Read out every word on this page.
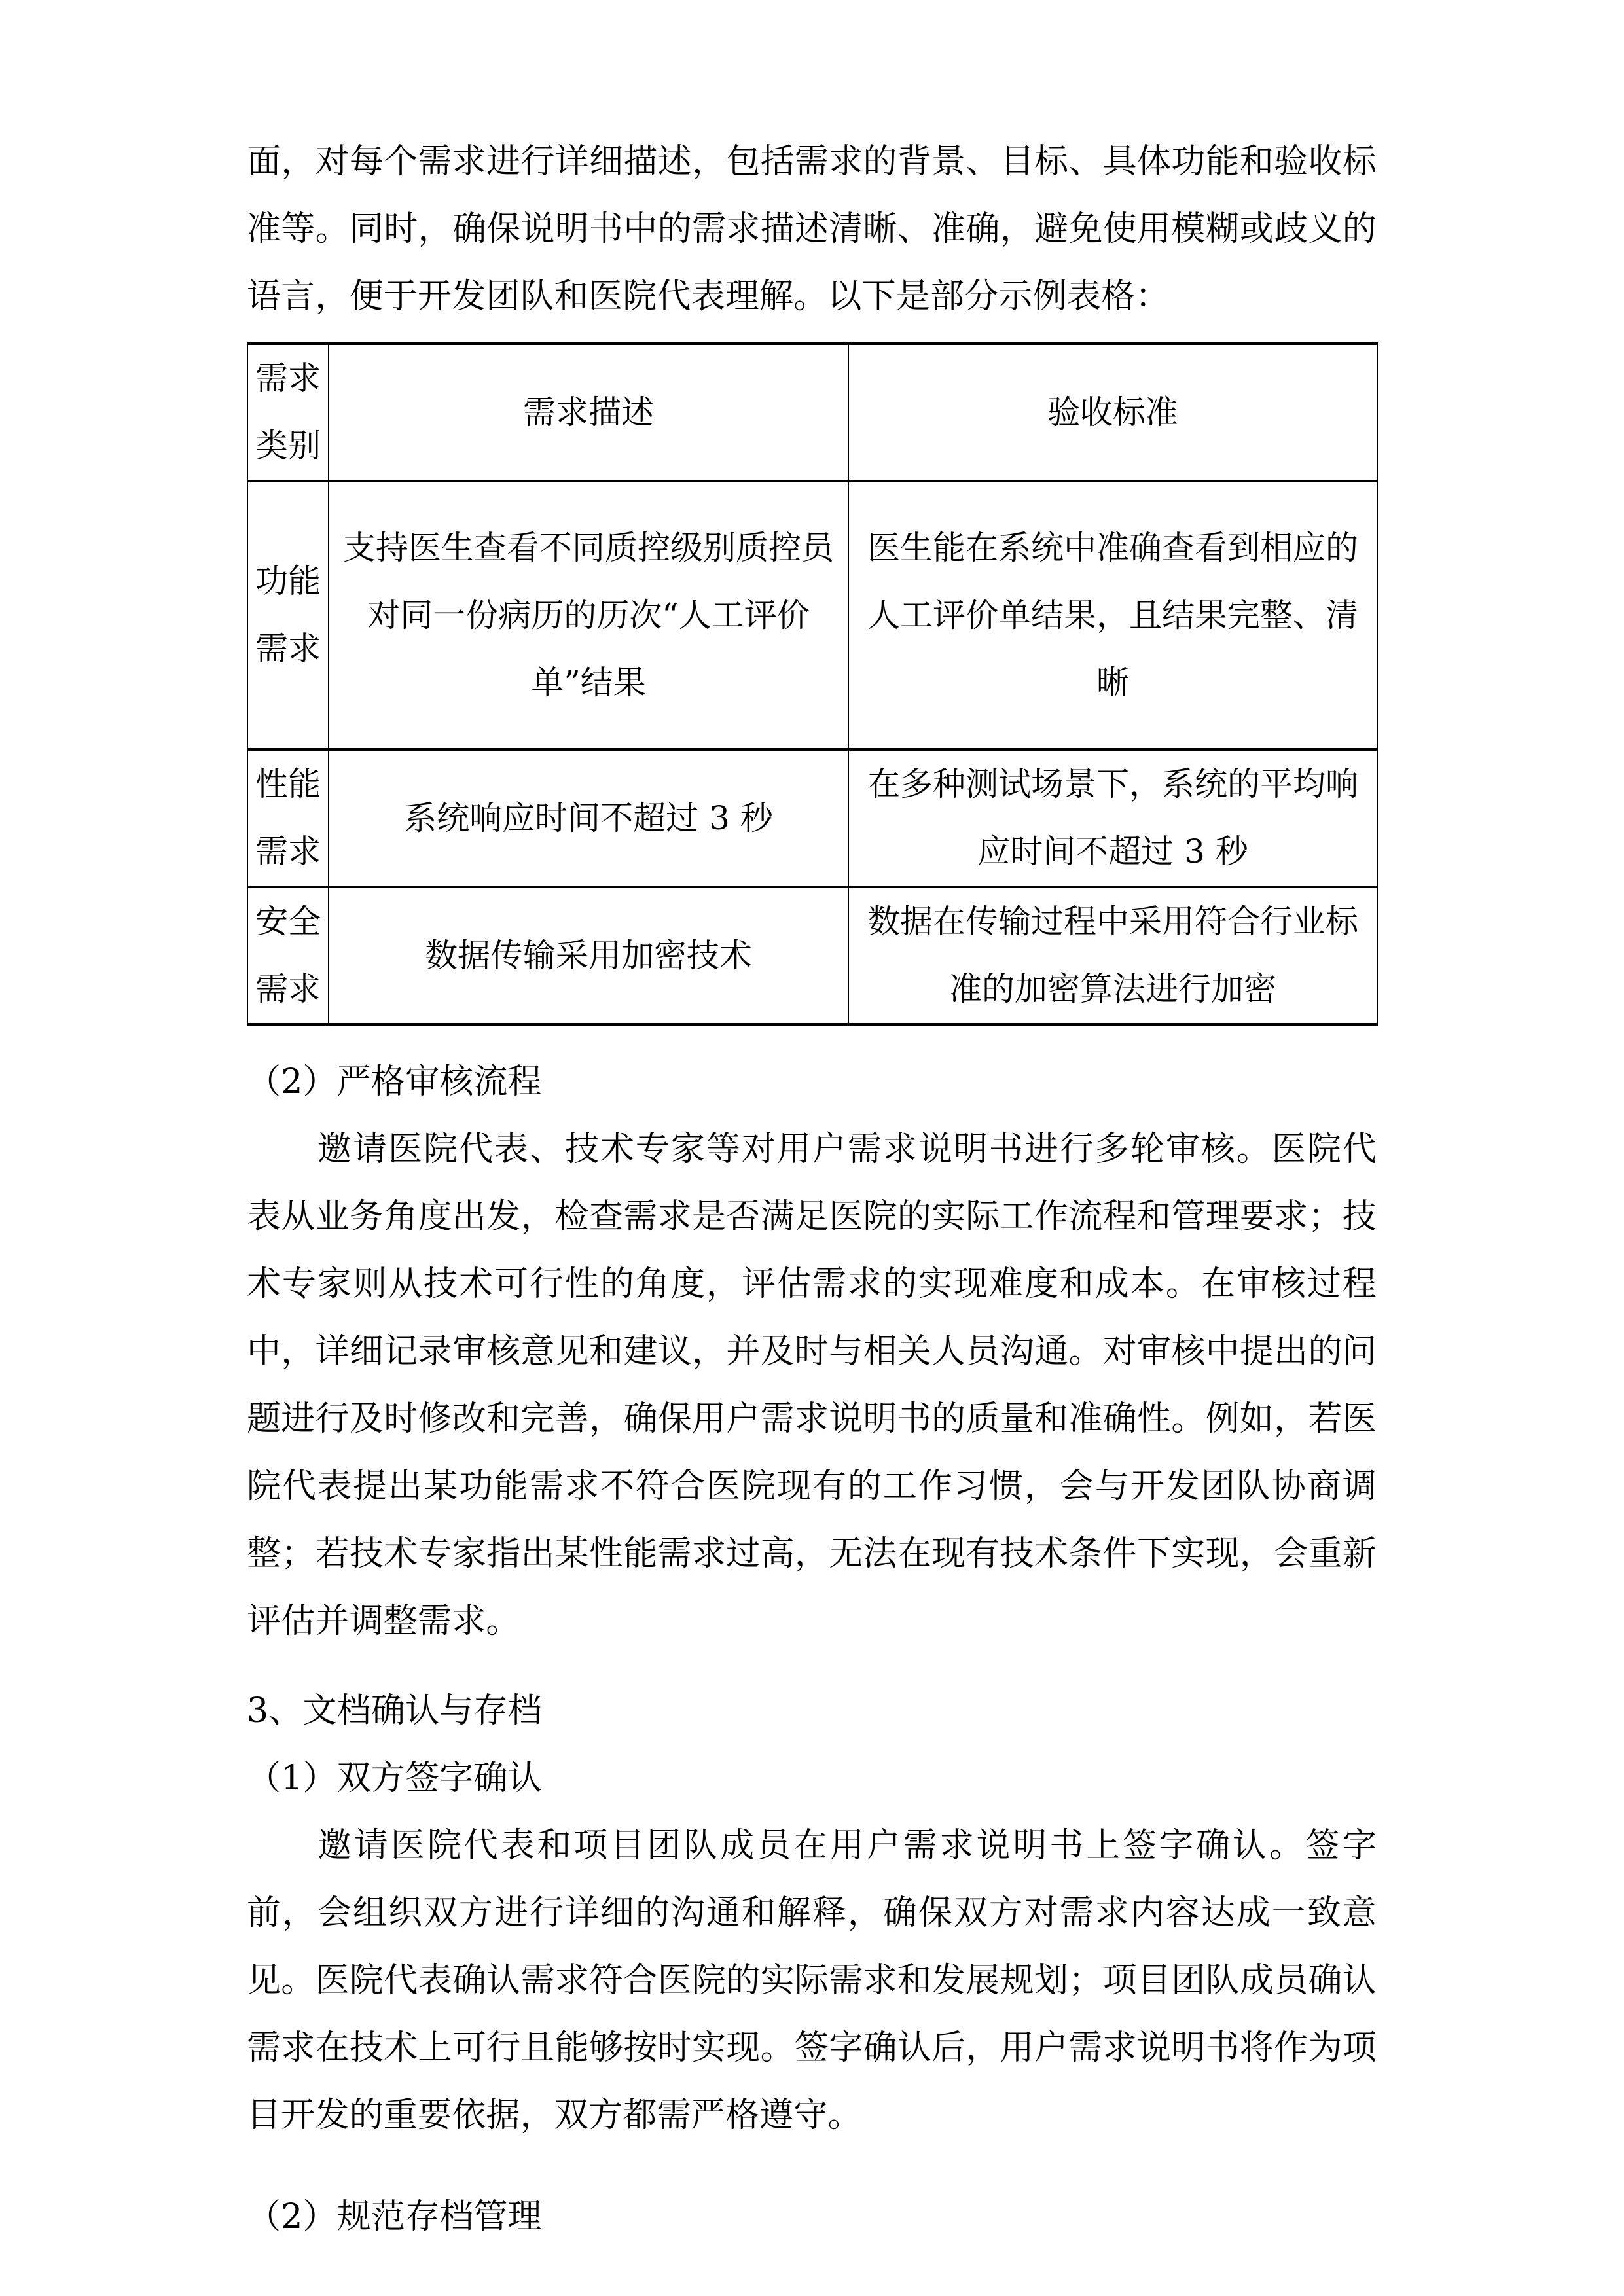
面，对每个需求进行详细描述，包括需求的背景、目标、具体功能和验收标准等。同时，确保说明书中的需求描述清晰、准确，避免使用模糊或歧义的语言，便于开发团队和医院代表理解。以下是部分示例表格：

需求类别	需求描述	验收标准
功能需求	支持医生查看不同质控级别质控员对同一份病历的历次“人工评价单”结果	医生能在系统中准确查看到相应的人工评价单结果，且结果完整、清晰
性能需求	系统响应时间不超过 3 秒	在多种测试场景下，系统的平均响应时间不超过 3 秒
安全需求	数据传输采用加密技术	数据在传输过程中采用符合行业标准的加密算法进行加密

（2）严格审核流程

邀请医院代表、技术专家等对用户需求说明书进行多轮审核。医院代表从业务角度出发，检查需求是否满足医院的实际工作流程和管理要求；技术专家则从技术可行性的角度，评估需求的实现难度和成本。在审核过程中，详细记录审核意见和建议，并及时与相关人员沟通。对审核中提出的问题进行及时修改和完善，确保用户需求说明书的质量和准确性。例如，若医院代表提出某功能需求不符合医院现有的工作习惯，会与开发团队协商调整；若技术专家指出某性能需求过高，无法在现有技术条件下实现，会重新评估并调整需求。

3、文档确认与存档

（1）双方签字确认

邀请医院代表和项目团队成员在用户需求说明书上签字确认。签字前，会组织双方进行详细的沟通和解释，确保双方对需求内容达成一致意见。医院代表确认需求符合医院的实际需求和发展规划；项目团队成员确认需求在技术上可行且能够按时实现。签字确认后，用户需求说明书将作为项目开发的重要依据，双方都需严格遵守。

（2）规范存档管理
